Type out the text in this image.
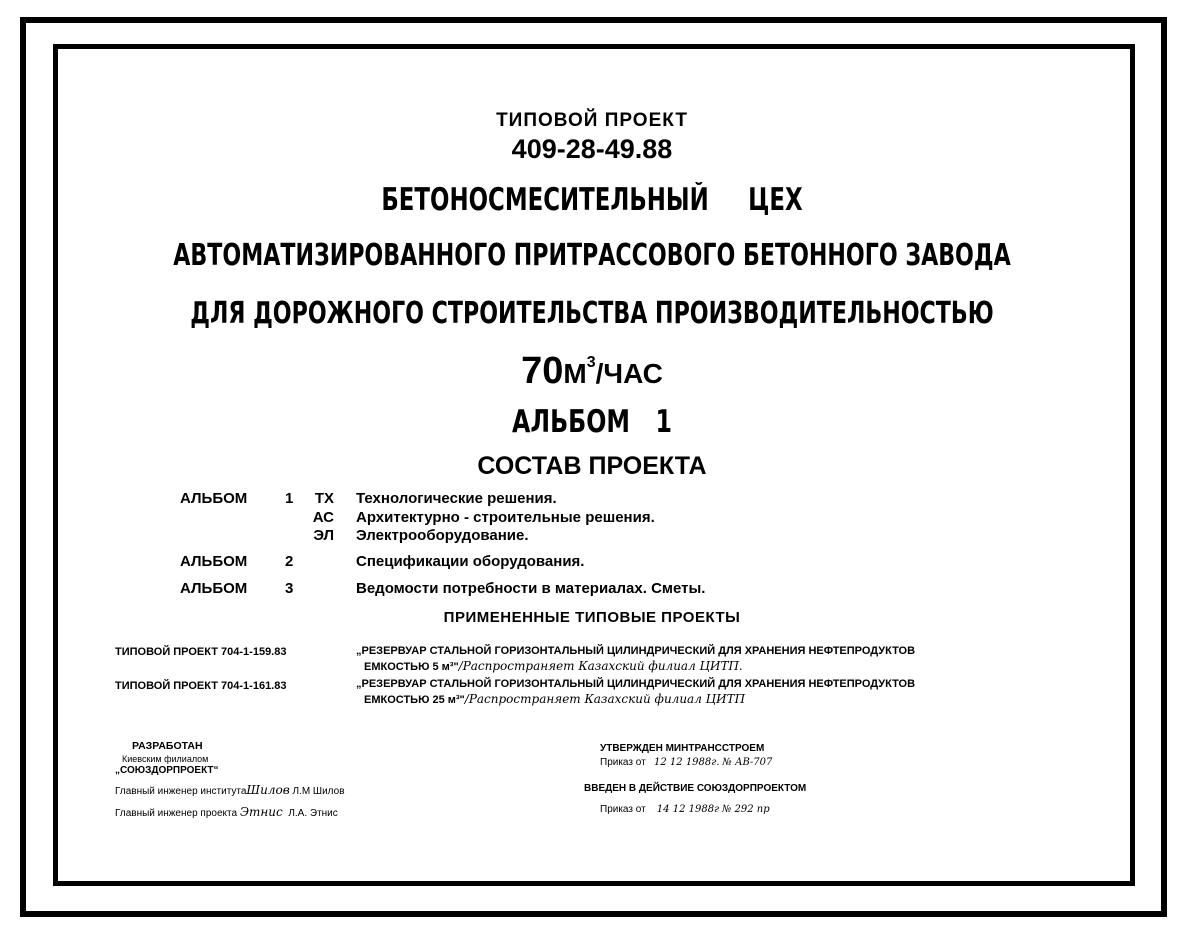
ТИПОВОЙ ПРОЕКТ
409-28-49.88
БЕТОНОСМЕСИТЕЛЬНЫЙ ЦЕХ
АВТОМАТИЗИРОВАННОГО ПРИТРАССОВОГО БЕТОННОГО ЗАВОДА
ДЛЯ ДОРОЖНОГО СТРОИТЕЛЬСТВА ПРОИЗВОДИТЕЛЬНОСТЬЮ
$70М^3$/ЧАС
АЛЬБОМ 1
СОСТАВ ПРОЕКТА
АЛЬБОМ	1	ТХ Технологические решения.
АС Архитектурно - строительные решения.
ЭЛ Электрооборудование.
АЛЬБОМ	2	Спецификации оборудования.
АЛЬБОМ	3	Ведомости потребности в материалах. Сметы.
ПРИМЕНЕННЫЕ ТИПОВЫЕ ПРОЕКТЫ
ТИПОВОЙ ПРОЕКТ 704-1-159.83	„РЕЗЕРВУАР СТАЛЬНОЙ ГОРИЗОНТАЛЬНЫЙ ЦИЛИНДРИЧЕСКИЙ ДЛЯ ХРАНЕНИЯ НЕФТЕПРОДУКТОВ
ЕМКОСТЬЮ 5 м³"/Распространяет Казахский филиал ЦИТП.
ТИПОВОЙ ПРОЕКТ 704-1-161.83	„РЕЗЕРВУАР СТАЛЬНОЙ ГОРИЗОНТАЛЬНЫЙ ЦИЛИНДРИЧЕСКИЙ ДЛЯ ХРАНЕНИЯ НЕФТЕПРОДУКТОВ
ЕМКОСТЬЮ 25 м³"/Распространяет Казахский филиал ЦИТП
РАЗРАБОТАН
Киевским филиалом
„СОЮЗДОРПРОЕКТ“
Главный инженер институтаШилов Л.М Шилов
Главный инженер проекта Этнис Л.А. Этнис
УТВЕРЖДЕН МИНТРАНССТРОЕМ
Приказ от 12 12 1988г. № АВ-707
ВВЕДЕН В ДЕЙСТВИЕ СОЮЗДОРПРОЕКТОМ
Приказ от 14 12 1988г № 292 пр
